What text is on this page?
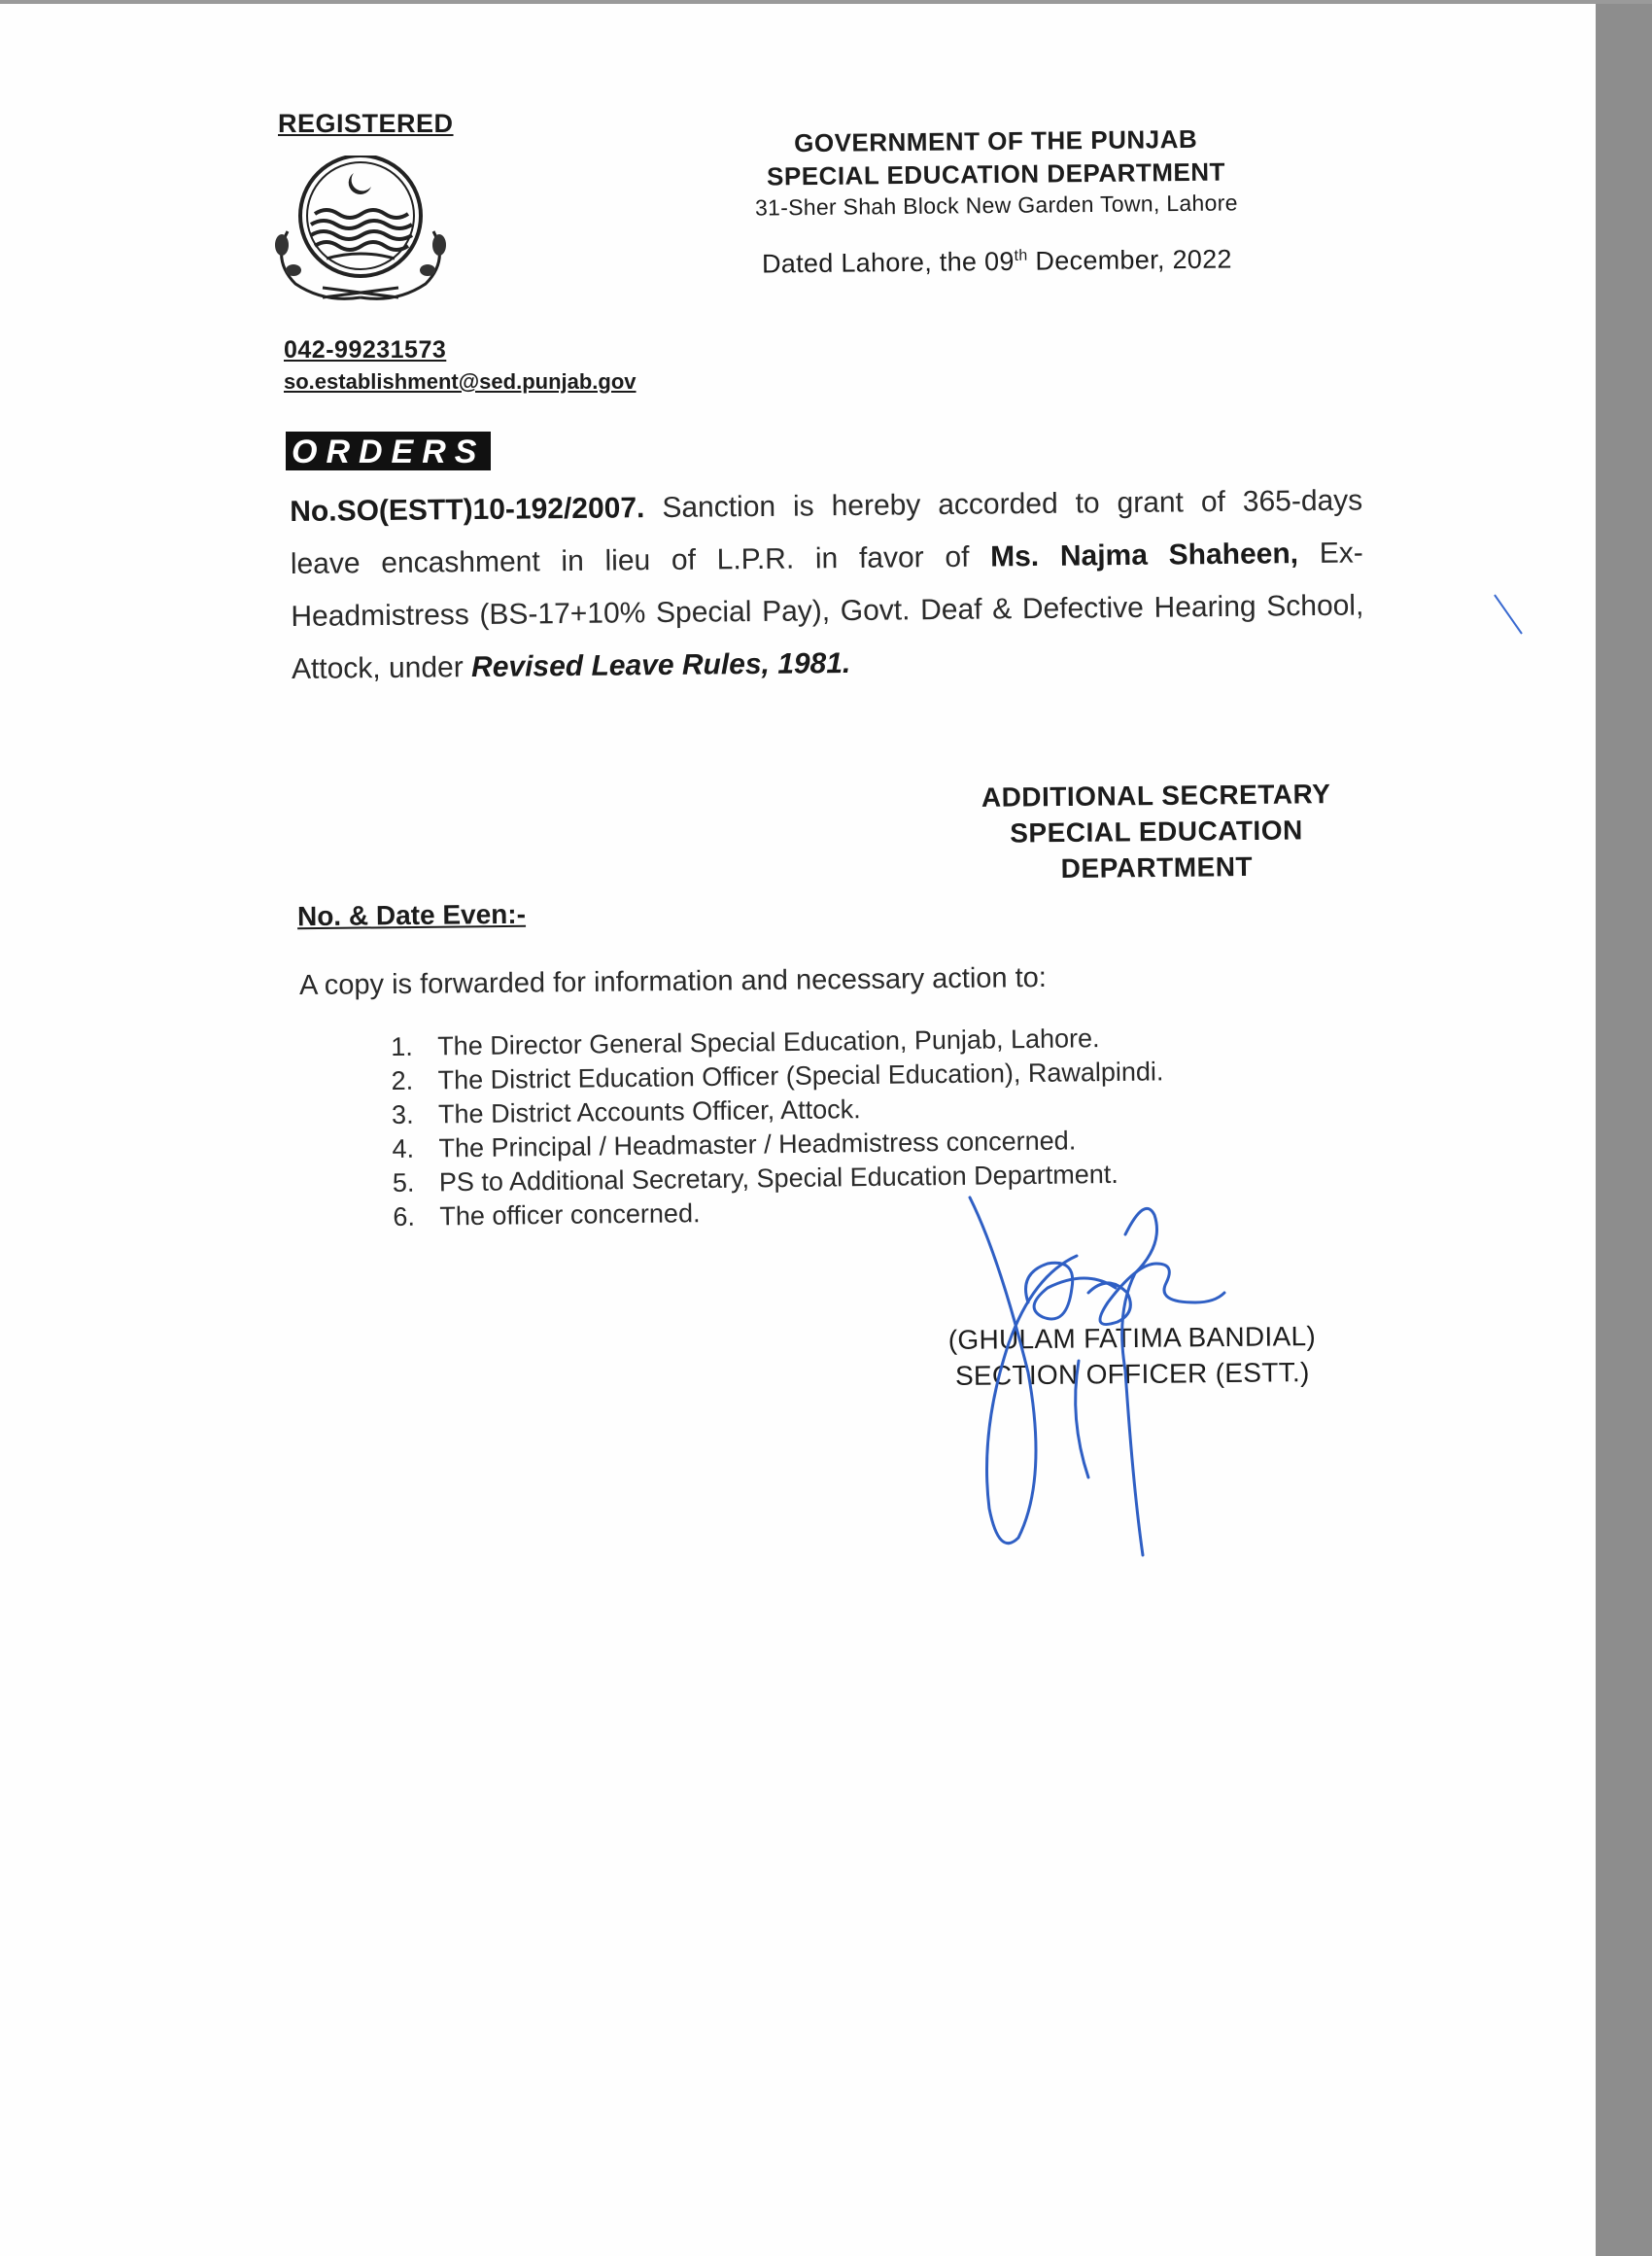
REGISTERED
042-99231573
so.establishment@sed.punjab.gov
GOVERNMENT OF THE PUNJAB
SPECIAL EDUCATION DEPARTMENT
31-Sher Shah Block New Garden Town, Lahore
Dated Lahore, the 09th December, 2022
ORDERS
No.SO(ESTT)10-192/2007. Sanction is hereby accorded to grant of 365-days leave encashment in lieu of L.P.R. in favor of Ms. Najma Shaheen, Ex-Headmistress (BS-17+10% Special Pay), Govt. Deaf & Defective Hearing School, Attock, under Revised Leave Rules, 1981.
ADDITIONAL SECRETARY
SPECIAL EDUCATION
DEPARTMENT
No. & Date Even:-
A copy is forwarded for information and necessary action to:
1. The Director General Special Education, Punjab, Lahore.
2. The District Education Officer (Special Education), Rawalpindi.
3. The District Accounts Officer, Attock.
4. The Principal / Headmaster / Headmistress concerned.
5. PS to Additional Secretary, Special Education Department.
6. The officer concerned.
(GHULAM FATIMA BANDIAL)
SECTION OFFICER (ESTT.)
